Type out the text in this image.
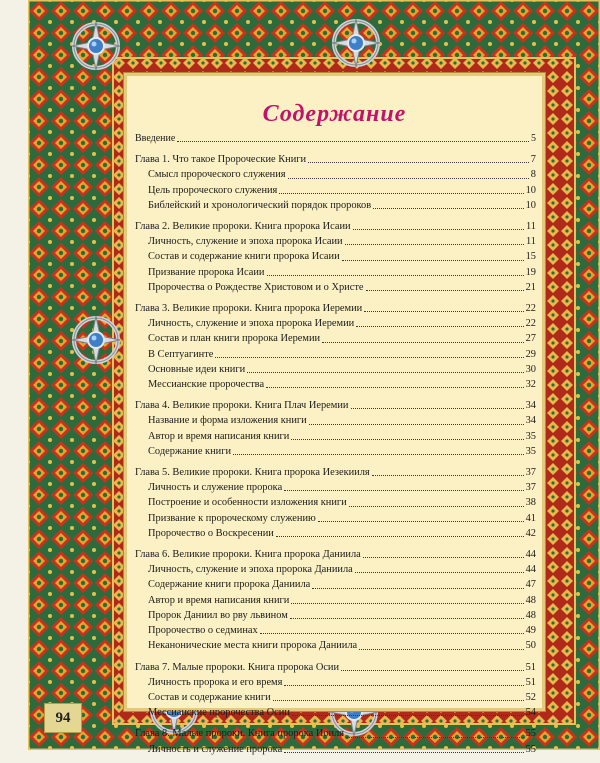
Содержание
Введение	5
Глава 1. Что такое Пророческие Книги	7
Смысл пророческого служения	8
Цель пророческого служения	10
Библейский и хронологический порядок пророков	10
Глава 2. Великие пророки. Книга пророка Исаии	11
Личность, служение и эпоха пророка Исаии	11
Состав и содержание книги пророка Исаии	15
Призвание пророка Исаии	19
Пророчества о Рождестве Христовом и о Христе	21
Глава 3. Великие пророки. Книга пророка Иеремии	22
Личность, служение и эпоха пророка Иеремии	22
Состав и план книги пророка Иеремии	27
В Септуагинте	29
Основные идеи книги	30
Мессианские пророчества	32
Глава 4. Великие пророки. Книга Плач Иеремии	34
Название и форма изложения книги	34
Автор и время написания книги	35
Содержание книги	35
Глава 5. Великие пророки. Книга пророка Иезекииля	37
Личность и служение пророка	37
Построение и особенности изложения книги	38
Призвание к пророческому служению	41
Пророчество о Воскресении	42
Глава 6. Великие пророки. Книга пророка Даниила	44
Личность, служение и эпоха пророка Даниила	44
Содержание книги пророка Даниила	47
Автор и время написания книги	48
Пророк Даниил во рву львином	48
Пророчество о седминах	49
Неканонические места книги пророка Даниила	50
Глава 7. Малые пророки. Книга пророка Осии	51
Личность пророка и его время	51
Состав и содержание книги	52
Мессианские пророчества Осии	54
Глава 8. Малые пророки. Книга пророка Иоиля	55
Личность и служение пророка	55
94
